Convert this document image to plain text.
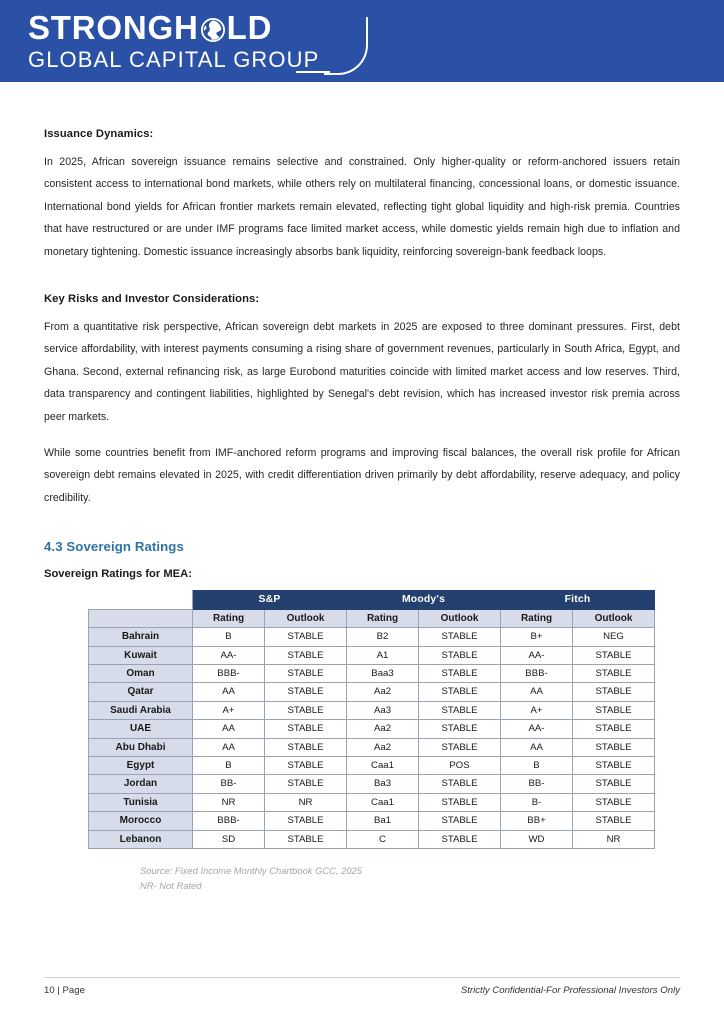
STRONGH LD
GLOBAL CAPITAL GROUP
Issuance Dynamics:

In 2025, African sovereign issuance remains selective and constrained. Only higher-quality or reform-anchored issuers retain consistent access to international bond markets, while others rely on multilateral financing, concessional loans, or domestic issuance. International bond yields for African frontier markets remain elevated, reflecting tight global liquidity and high-risk premia. Countries that have restructured or are under IMF programs face limited market access, while domestic yields remain high due to inflation and monetary tightening. Domestic issuance increasingly absorbs bank liquidity, reinforcing sovereign-bank feedback loops.

Key Risks and Investor Considerations:

From a quantitative risk perspective, African sovereign debt markets in 2025 are exposed to three dominant pressures. First, debt service affordability, with interest payments consuming a rising share of government revenues, particularly in South Africa, Egypt, and Ghana. Second, external refinancing risk, as large Eurobond maturities coincide with limited market access and low reserves. Third, data transparency and contingent liabilities, highlighted by Senegal's debt revision, which has increased investor risk premia across peer markets.

While some countries benefit from IMF-anchored reform programs and improving fiscal balances, the overall risk profile for African sovereign debt remains elevated in 2025, with credit differentiation driven primarily by debt affordability, reserve adequacy, and policy credibility.

4.3 Sovereign Ratings
Sovereign Ratings for MEA:
	S&P		Moody's		Fitch	
	Rating	Outlook	Rating	Outlook	Rating	Outlook
Bahrain	B	STABLE	B2	STABLE	B+	NEG
Kuwait	AA-	STABLE	A1	STABLE	AA-	STABLE
Oman	BBB-	STABLE	Baa3	STABLE	BBB-	STABLE
Qatar	AA	STABLE	Aa2	STABLE	AA	STABLE
Saudi Arabia	A+	STABLE	Aa3	STABLE	A+	STABLE
UAE	AA	STABLE	Aa2	STABLE	AA-	STABLE
Abu Dhabi	AA	STABLE	Aa2	STABLE	AA	STABLE
Egypt	B	STABLE	Caa1	POS	B	STABLE
Jordan	BB-	STABLE	Ba3	STABLE	BB-	STABLE
Tunisia	NR	NR	Caa1	STABLE	B-	STABLE
Morocco	BBB-	STABLE	Ba1	STABLE	BB+	STABLE
Lebanon	SD	STABLE	C	STABLE	WD	NR
Source: Fixed Income Monthly Chartbook GCC, 2025
NR- Not Rated
10 | Page	Strictly Confidential-For Professional Investors Only
